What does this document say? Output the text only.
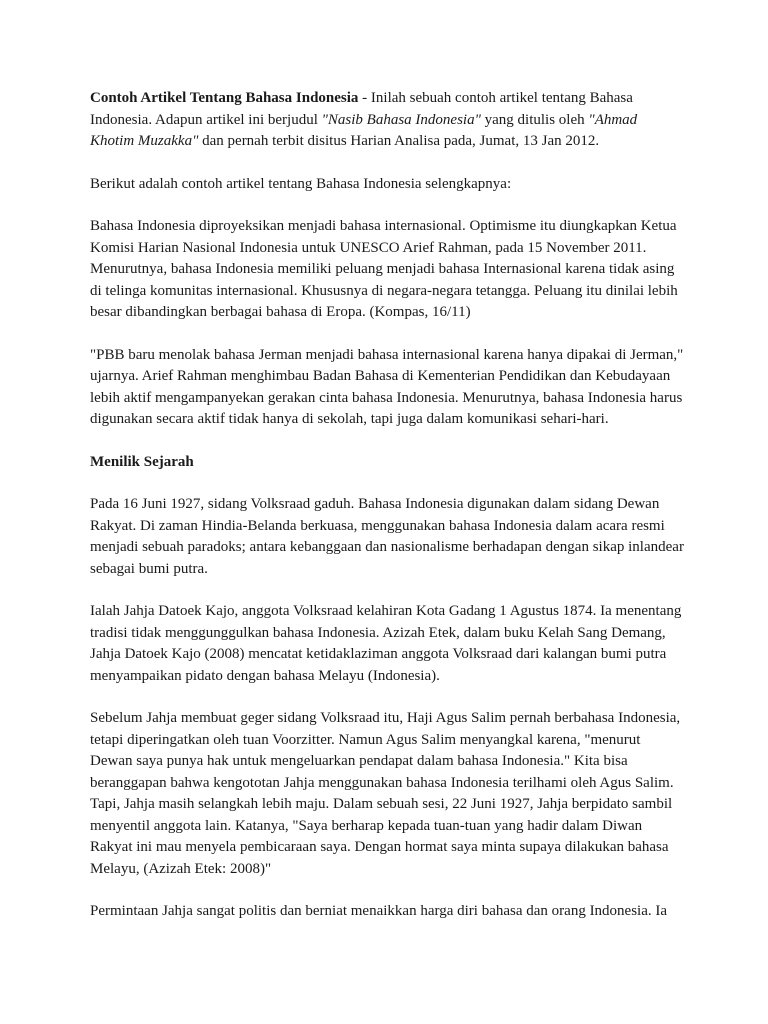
Contoh Artikel Tentang Bahasa Indonesia - Inilah sebuah contoh artikel tentang Bahasa Indonesia. Adapun artikel ini berjudul "Nasib Bahasa Indonesia" yang ditulis oleh "Ahmad Khotim Muzakka" dan pernah terbit disitus Harian Analisa pada, Jumat, 13 Jan 2012.

Berikut adalah contoh artikel tentang Bahasa Indonesia selengkapnya:

Bahasa Indonesia diproyeksikan menjadi bahasa internasional. Optimisme itu diungkapkan Ketua Komisi Harian Nasional Indonesia untuk UNESCO Arief Rahman, pada 15 November 2011. Menurutnya, bahasa Indonesia memiliki peluang menjadi bahasa Internasional karena tidak asing di telinga komunitas internasional. Khususnya di negara-negara tetangga. Peluang itu dinilai lebih besar dibandingkan berbagai bahasa di Eropa. (Kompas, 16/11)

"PBB baru menolak bahasa Jerman menjadi bahasa internasional karena hanya dipakai di Jerman," ujarnya. Arief Rahman menghimbau Badan Bahasa di Kementerian Pendidikan dan Kebudayaan lebih aktif mengampanyekan gerakan cinta bahasa Indonesia. Menurutnya, bahasa Indonesia harus digunakan secara aktif tidak hanya di sekolah, tapi juga dalam komunikasi sehari-hari.

Menilik Sejarah

Pada 16 Juni 1927, sidang Volksraad gaduh. Bahasa Indonesia digunakan dalam sidang Dewan Rakyat. Di zaman Hindia-Belanda berkuasa, menggunakan bahasa Indonesia dalam acara resmi menjadi sebuah paradoks; antara kebanggaan dan nasionalisme berhadapan dengan sikap inlandear sebagai bumi putra.

Ialah Jahja Datoek Kajo, anggota Volksraad kelahiran Kota Gadang 1 Agustus 1874. Ia menentang tradisi tidak menggunggulkan bahasa Indonesia. Azizah Etek, dalam buku Kelah Sang Demang, Jahja Datoek Kajo (2008) mencatat ketidaklaziman anggota Volksraad dari kalangan bumi putra menyampaikan pidato dengan bahasa Melayu (Indonesia).

Sebelum Jahja membuat geger sidang Volksraad itu, Haji Agus Salim pernah berbahasa Indonesia, tetapi diperingatkan oleh tuan Voorzitter. Namun Agus Salim menyangkal karena, "menurut Dewan saya punya hak untuk mengeluarkan pendapat dalam bahasa Indonesia." Kita bisa beranggapan bahwa kengototan Jahja menggunakan bahasa Indonesia terilhami oleh Agus Salim. Tapi, Jahja masih selangkah lebih maju. Dalam sebuah sesi, 22 Juni 1927, Jahja berpidato sambil menyentil anggota lain. Katanya, "Saya berharap kepada tuan-tuan yang hadir dalam Diwan Rakyat ini mau menyela pembicaraan saya. Dengan hormat saya minta supaya dilakukan bahasa Melayu, (Azizah Etek: 2008)"

Permintaan Jahja sangat politis dan berniat menaikkan harga diri bahasa dan orang Indonesia. Ia
